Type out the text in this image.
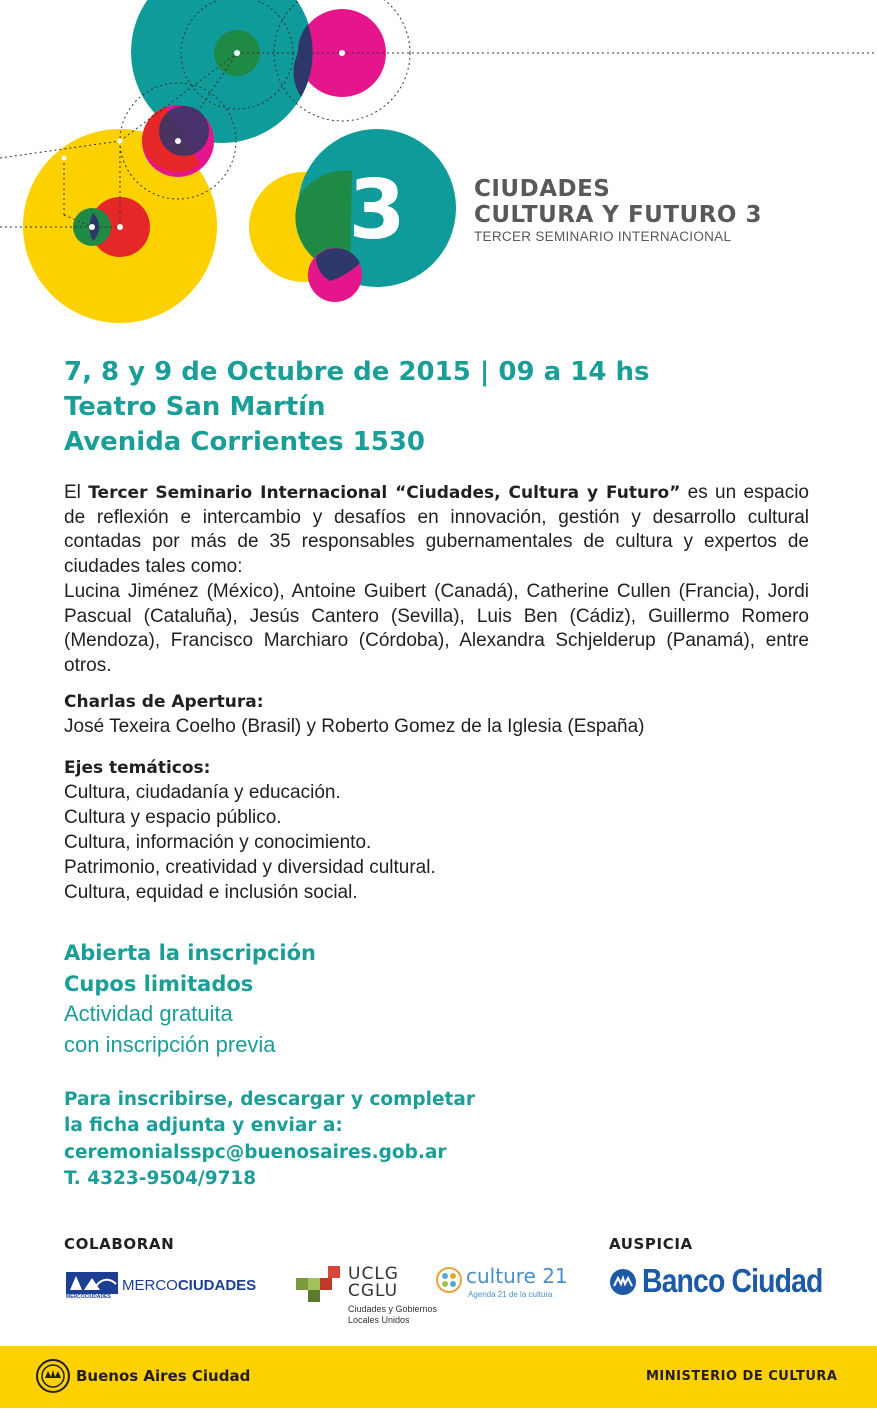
3	CIUDADES
CULTURA Y FUTURO 3
TERCER SEMINARIO INTERNACIONAL
7, 8 y 9 de Octubre de 2015 | 09 a 14 hs
Teatro San Martín
Avenida Corrientes 1530
El Tercer Seminario Internacional “Ciudades, Cultura y Futuro” es un espacio de reflexión e intercambio y desafíos en innovación, gestión y desarrollo cultural contadas por más de 35 responsables gubernamentales de cultura y expertos de ciudades tales como:
Lucina Jiménez (México), Antoine Guibert (Canadá), Catherine Cullen (Francia), Jordi Pascual (Cataluña), Jesús Cantero (Sevilla), Luis Ben (Cádiz), Guillermo Romero (Mendoza), Francisco Marchiaro (Córdoba), Alexandra Schjelderup (Panamá), entre otros.
Charlas de Apertura:
José Texeira Coelho (Brasil) y Roberto Gomez de la Iglesia (España)
Ejes temáticos:
Cultura, ciudadanía y educación.
Cultura y espacio público.
Cultura, información y conocimiento.
Patrimonio, creatividad y diversidad cultural.
Cultura, equidad e inclusión social.
Abierta la inscripción
Cupos limitados
Actividad gratuita
con inscripción previa
Para inscribirse, descargar y completar
la ficha adjunta y enviar a:
ceremonialsspc@buenosaires.gob.ar
T. 4323-9504/9718
COLABORAN	AUSPICIA
MERCOCIUDADES
MERCOCIUDADES
UCLG
CGLU
Ciudades y Gobiernos
Locales Unidos
culture 21
Agenda 21 de la cultura	Banco Ciudad
Buenos Aires Ciudad	MINISTERIO DE CULTURA
